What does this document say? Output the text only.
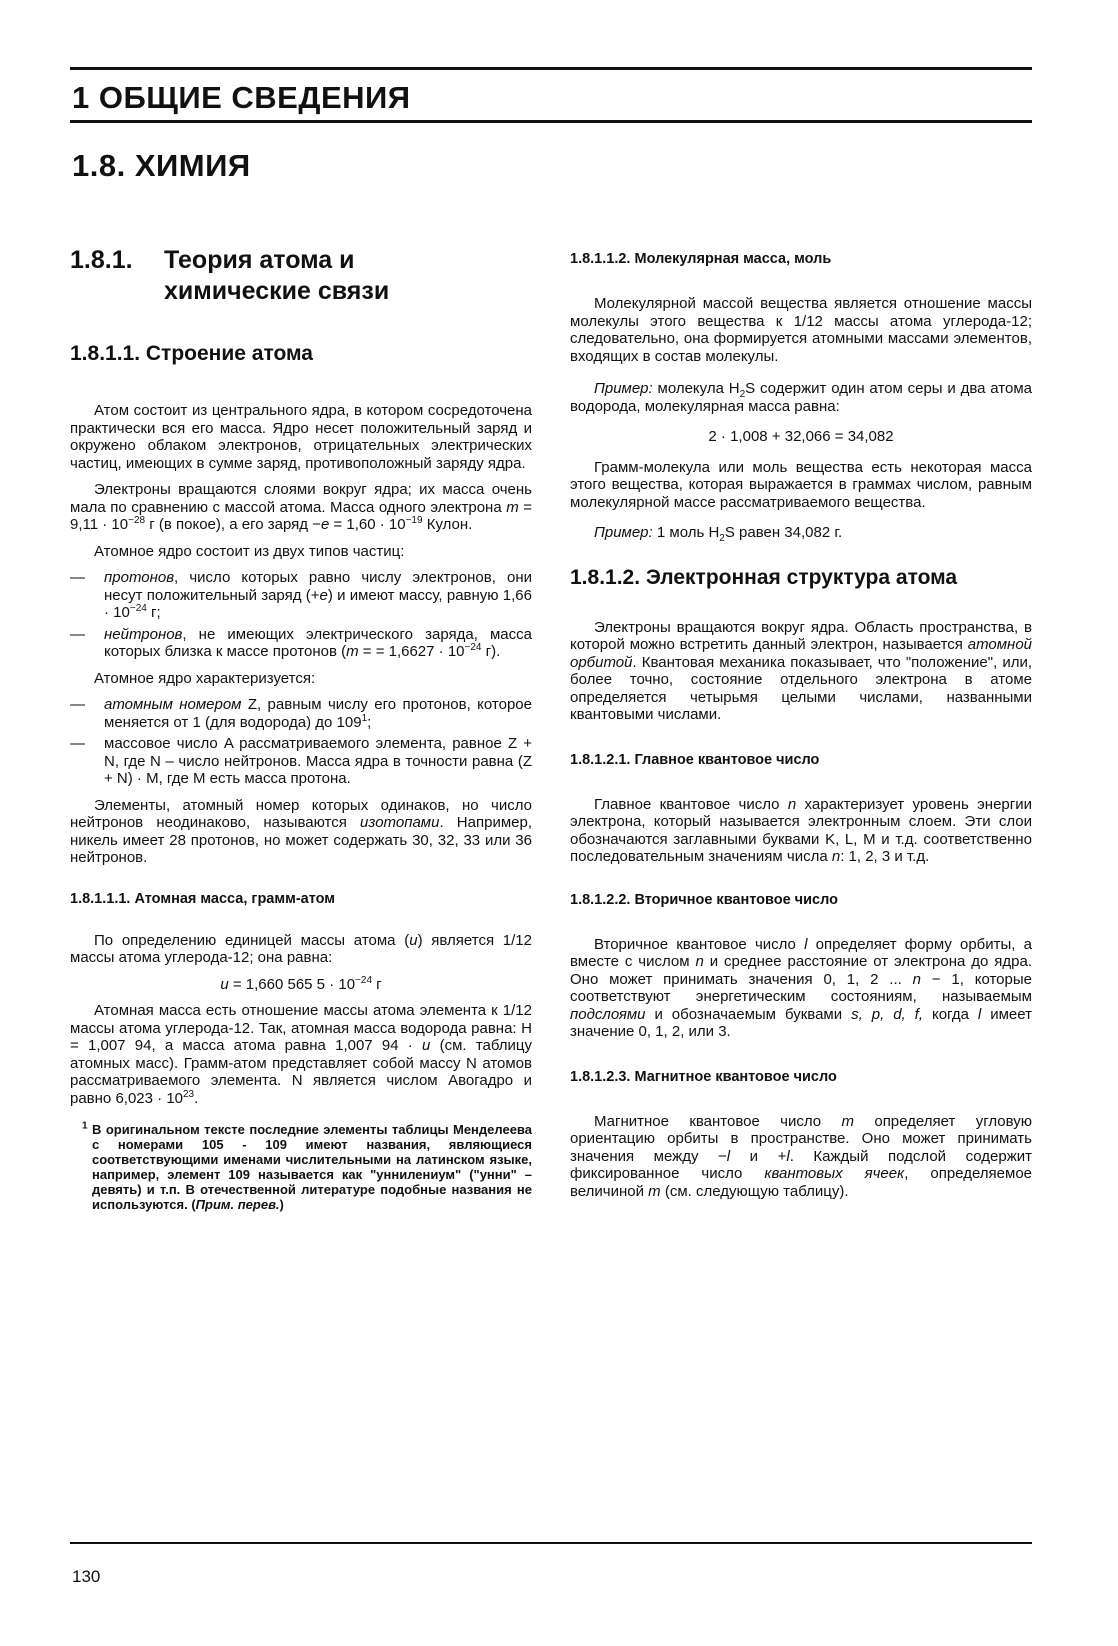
1 ОБЩИЕ СВЕДЕНИЯ
1.8. ХИМИЯ
1.8.1. Теория атома и
химические связи
1.8.1.1. Строение атома

Атом состоит из центрального ядра, в котором сосредоточена практически вся его масса. Ядро несет положительный заряд и окружено облаком электронов, отрицательных электрических частиц, имеющих в сумме заряд, противоположный заряду ядра.

Электроны вращаются слоями вокруг ядра; их масса очень мала по сравнению с массой атома. Масса одного электрона $m = 9,11 \cdot 10^{-28}$ г (в покое), а его заряд $-e = 1,60 \cdot 10^{-19}$ Кулон.

Атомное ядро состоит из двух типов частиц:

— протонов, число которых равно числу электронов, они несут положительный заряд (+e) и имеют массу, равную $1,66 \cdot 10^{-24}$ г;
— нейтронов, не имеющих электрического заряда, масса которых близка к массе протонов (m = = $1,6627 \cdot 10^{-24}$ г).

Атомное ядро характеризуется:

— атомным номером Z, равным числу его протонов, которое меняется от 1 (для водорода) до $109^1$;
— массовое число A рассматриваемого элемента, равное Z + N, где N – число нейтронов. Масса ядра в точности равна (Z + N) · M, где M есть масса протона.

Элементы, атомный номер которых одинаков, но число нейтронов неодинаково, называются изотопами. Например, никель имеет 28 протонов, но может содержать 30, 32, 33 или 36 нейтронов.

1.8.1.1.1. Атомная масса, грамм-атом

По определению единицей массы атома (u) является 1/12 массы атома углерода-12; она равна:

u = 1,660 565 $5 \cdot 10^{-24}$ г

Атомная масса есть отношение массы атома элемента к 1/12 массы атома углерода-12. Так, атомная масса водорода равна: H = 1,007 94, а масса атома равна 1,007 94 · u (см. таблицу атомных масс). Грамм-атом представляет собой массу N атомов рассматриваемого элемента. N является числом Авогадро и равно $6,023 \cdot 10^{23}$.

$^1$ В оригинальном тексте последние элементы таблицы Менделеева с номерами 105 - 109 имеют названия, являющиеся соответствующими именами числительными на латинском языке, например, элемент 109 называется как "уннилениум" ("унни" – девять) и т.п. В отечественной литературе подобные названия не используются. (Прим. перев.)

1.8.1.1.2. Молекулярная масса, моль

Молекулярной массой вещества является отношение массы молекулы этого вещества к 1/12 массы атома углерода-12; следовательно, она формируется атомными массами элементов, входящих в состав молекулы.

Пример: молекула $H_2S$ содержит один атом серы и два атома водорода, молекулярная масса равна:

2 · 1,008 + 32,066 = 34,082

Грамм-молекула или моль вещества есть некоторая масса этого вещества, которая выражается в граммах числом, равным молекулярной массе рассматриваемого вещества.

Пример: 1 моль $H_2S$ равен 34,082 г.

1.8.1.2. Электронная структура атома

Электроны вращаются вокруг ядра. Область пространства, в которой можно встретить данный электрон, называется атомной орбитой. Квантовая механика показывает, что "положение", или, более точно, состояние отдельного электрона в атоме определяется четырьмя целыми числами, названными квантовыми числами.

1.8.1.2.1. Главное квантовое число

Главное квантовое число n характеризует уровень энергии электрона, который называется электронным слоем. Эти слои обозначаются заглавными буквами K, L, M и т.д. соответственно последовательным значениям числа n: 1, 2, 3 и т.д.

1.8.1.2.2. Вторичное квантовое число

Вторичное квантовое число l определяет форму орбиты, а вместе с числом n и среднее расстояние от электрона до ядра. Оно может принимать значения 0, 1, 2 ... n − 1, которые соответствуют энергетическим состояниям, называемым подслоями и обозначаемым буквами s, p, d, f, когда l имеет значение 0, 1, 2, или 3.

1.8.1.2.3. Магнитное квантовое число

Магнитное квантовое число m определяет угловую ориентацию орбиты в пространстве. Оно может принимать значения между −l и +l. Каждый подслой содержит фиксированное число квантовых ячеек, определяемое величиной m (см. следующую таблицу).

130
